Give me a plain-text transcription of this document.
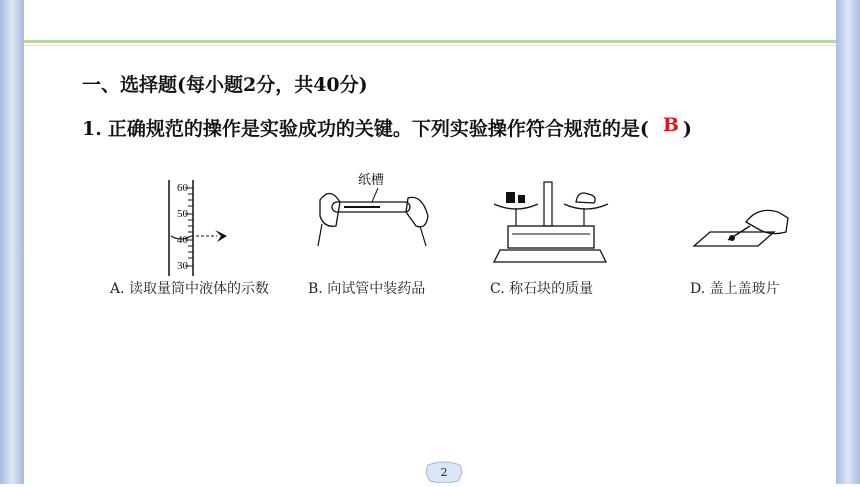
一、选择题(每小题2分，共40分)
1. 正确规范的操作是实验成功的关键。下列实验操作符合规范的是( B )
60
50
40
30
A. 读取量筒中液体的示数
纸槽
B. 向试管中装药品	C. 称石块的质量	D. 盖上盖玻片
2
